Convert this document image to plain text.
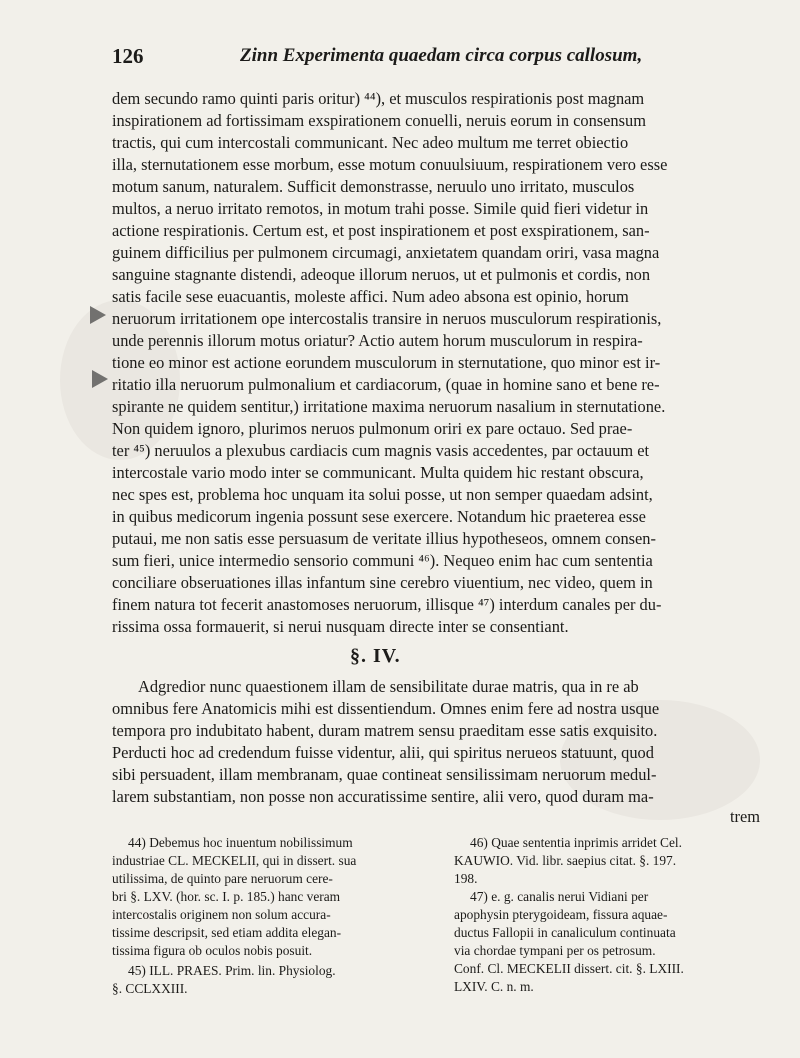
126	Zinn Experimenta quaedam circa corpus callosum,
dem secundo ramo quinti paris oritur) ⁴⁴), et musculos respirationis post magnam
inspirationem ad fortissimam exspirationem conuelli, neruis eorum in consensum
tractis, qui cum intercostali communicant. Nec adeo multum me terret obiectio
illa, sternutationem esse morbum, esse motum conuulsiuum, respirationem vero esse
motum sanum, naturalem. Sufficit demonstrasse, neruulo uno irritato, musculos
multos, a neruo irritato remotos, in motum trahi posse. Simile quid fieri videtur in
actione respirationis. Certum est, et post inspirationem et post exspirationem, san-
guinem difficilius per pulmonem circumagi, anxietatem quandam oriri, vasa magna
sanguine stagnante distendi, adeoque illorum neruos, ut et pulmonis et cordis, non
satis facile sese euacuantis, moleste affici. Num adeo absona est opinio, horum
neruorum irritationem ope intercostalis transire in neruos musculorum respirationis,
unde perennis illorum motus oriatur? Actio autem horum musculorum in respira-
tione eo minor est actione eorundem musculorum in sternutatione, quo minor est ir-
ritatio illa neruorum pulmonalium et cardiacorum, (quae in homine sano et bene re-
spirante ne quidem sentitur,) irritatione maxima neruorum nasalium in sternutatione.
Non quidem ignoro, plurimos neruos pulmonum oriri ex pare octauo. Sed prae-
ter ⁴⁵) neruulos a plexubus cardiacis cum magnis vasis accedentes, par octauum et
intercostale vario modo inter se communicant. Multa quidem hic restant obscura,
nec spes est, problema hoc unquam ita solui posse, ut non semper quaedam adsint,
in quibus medicorum ingenia possunt sese exercere. Notandum hic praeterea esse
putaui, me non satis esse persuasum de veritate illius hypotheseos, omnem consen-
sum fieri, unice intermedio sensorio communi ⁴⁶). Nequeo enim hac cum sententia
conciliare obseruationes illas infantum sine cerebro viuentium, nec video, quem in
finem natura tot fecerit anastomoses neruorum, illisque ⁴⁷) interdum canales per du-
rissima ossa formauerit, si nerui nusquam directe inter se consentiant.
§. IV.
Adgredior nunc quaestionem illam de sensibilitate durae matris, qua in re ab
omnibus fere Anatomicis mihi est dissentiendum. Omnes enim fere ad nostra usque
tempora pro indubitato habent, duram matrem sensu praeditam esse satis exquisito.
Perducti hoc ad credendum fuisse videntur, alii, qui spiritus nerueos statuunt, quod
sibi persuadent, illam membranam, quae contineat sensilissimam neruorum medul-
larem substantiam, non posse non accuratissime sentire, alii vero, quod duram ma-
trem
44) Debemus hoc inuentum nobilissimum
industriae CL. MECKELII, qui in dissert. sua
utilissima, de quinto pare neruorum cere-
bri §. LXV. (hor. sc. I. p. 185.) hanc veram
intercostalis originem non solum accura-
tissime descripsit, sed etiam addita elegan-
tissima figura ob oculos nobis posuit.
45) ILL. PRAES. Prim. lin. Physiolog.
§. CCLXXIII.
46) Quae sententia inprimis arridet Cel.
KAUWIO. Vid. libr. saepius citat. §. 197.
198.
47) e. g. canalis nerui Vidiani per
apophysin pterygoideam, fissura aquae-
ductus Fallopii in canaliculum continuata
via chordae tympani per os petrosum.
Conf. Cl. MECKELII dissert. cit. §. LXIII.
LXIV. C. n. m.
